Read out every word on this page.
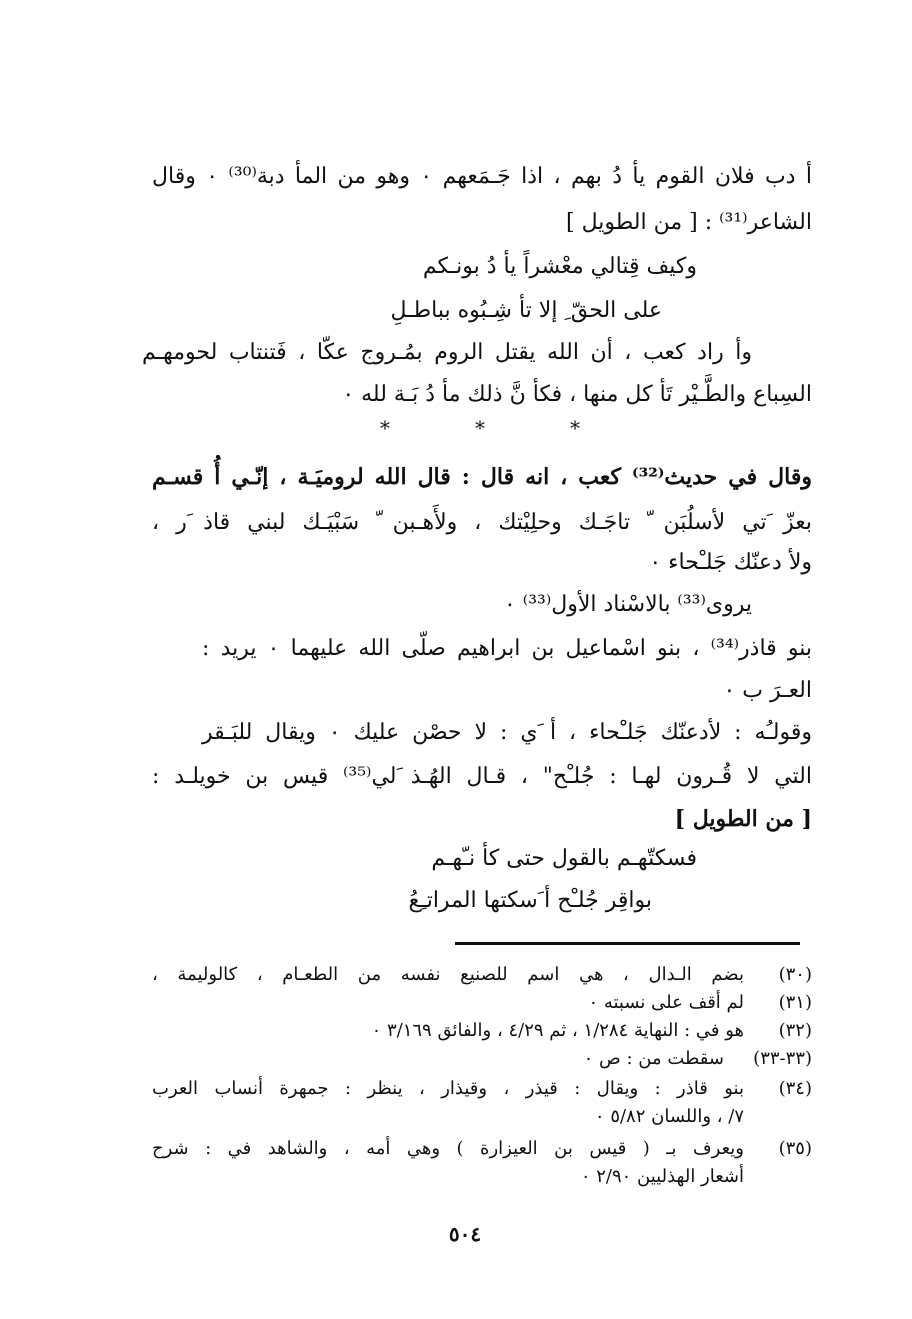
أ دب فلان القوم يأ دُ بهم ، اذا جَـمَعهم ٠ وهو من المأ دبة⁽³⁰⁾ ٠ وقال
الشاعر⁽³¹⁾ : [ من الطويل ]
وكيف قِتالي معْشراً يأ دُ بونـكم
على الحقّ ِ إلا تأ شِـبُوه بباطـلِ
وأ راد كعب ، أن الله يقتل الروم بمُـروج عكّا ، فَتنتاب لحومهـم
السِباع والطَّـيْر تَأ كل منها ، فكأ نَّ ذلك مأ دُ بَـة لله ٠
*
*
*
وقال في حديث⁽³²⁾ كعب ، انه قال : قال الله لروميَـة ، إنّـي أُ قسـم
بعزّ َتي لأسلُبَن ّ تاجَـك وحلِيْتك ، ولأَهـبن ّ سَبْيَـك لبني قاذ َر ،
ولأ دعنّك جَلـْحاء ٠
يروى⁽³³⁾ بالاسْناد الأول⁽³³⁾ ٠
بنو قاذر⁽³⁴⁾ ، بنو اسْماعيل بن ابراهيم صلّى الله عليهما ٠ يريد :
العـرَ ب ٠
وقولـُه : لأدعنّك جَلـْحاء ، أ َي : لا حصْن عليك ٠ ويقال للبَـقر
التي لا قُـرون لهـا : جُلـْح" ، قـال الهُـذ َلي⁽³⁵⁾ قيس بن خويلـد :
[ من الطويل ]
فسكتّهـم بالقول حتى كأ نـّهـم
بواقِر جُلـْح أ َسكتها المراتـِعُ
(٣٠)
بضم الـدال ، هي اسم للصنيع نفسه من الطعـام ، كالوليمة ،
(٣١)
لم أقف على نسبته ٠
(٣٢)
هو في : النهاية ١/٢٨٤ ، ثم ٤/٢٩ ، والفائق ٣/١٦٩ ٠
(٣٣-٣٣)
سقطت من : ص ٠
(٣٤)
بنو قاذر : ويقال : قيذر ، وقيذار ، ينظر : جمهرة أنساب العرب
٧/ ، واللسان ٥/٨٢ ٠
(٣٥)
ويعرف بـ ( قيس بن العيزارة ) وهي أمه ، والشاهد في : شرح
أشعار الهذليين ٢/٩٠ ٠
٥٠٤
